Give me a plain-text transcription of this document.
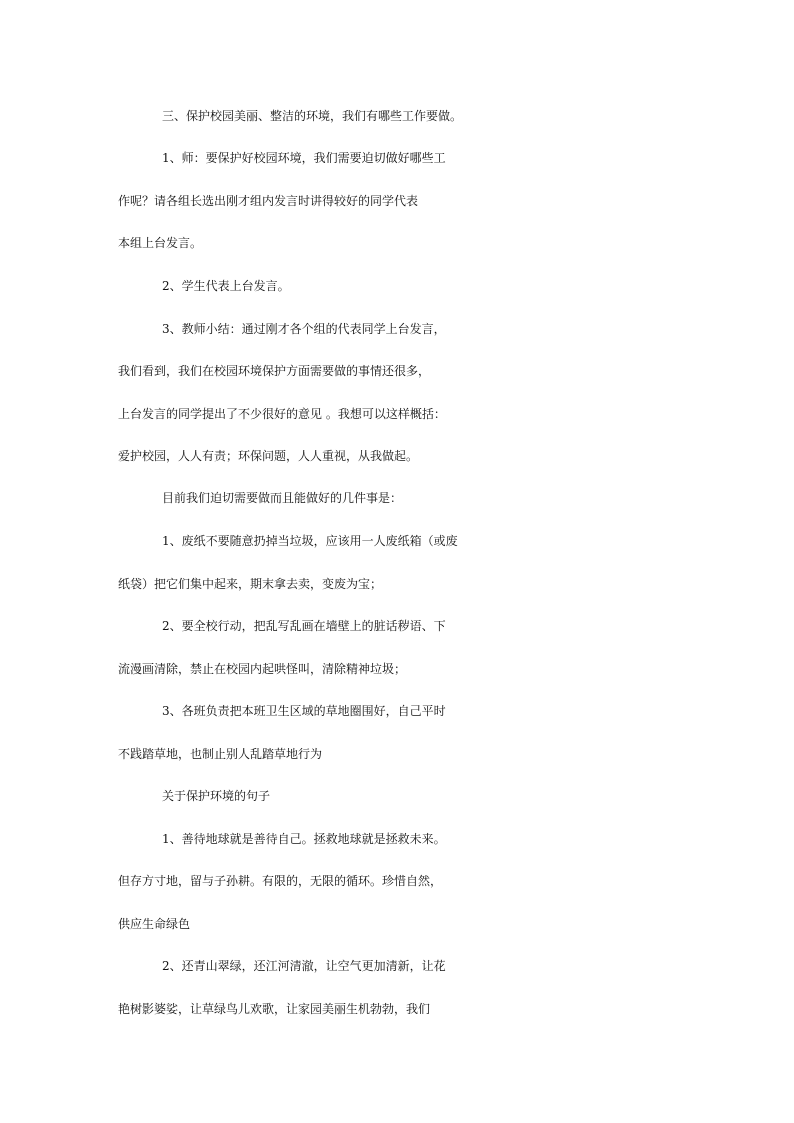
三、保护校园美丽、整洁的环境，我们有哪些工作要做。
1、师：要保护好校园环境，我们需要迫切做好哪些工
作呢？请各组长选出刚才组内发言时讲得较好的同学代表
本组上台发言。
2、学生代表上台发言。
3、教师小结：通过刚才各个组的代表同学上台发言，
我们看到，我们在校园环境保护方面需要做的事情还很多，
上台发言的同学提出了不少很好的意见 。我想可以这样概括：
爱护校园，人人有责；环保问题，人人重视，从我做起。
目前我们迫切需要做而且能做好的几件事是：
1、废纸不要随意扔掉当垃圾，应该用一人废纸箱（或废
纸袋）把它们集中起来，期末拿去卖，变废为宝；
2、要全校行动，把乱写乱画在墙壁上的脏话秽语、下
流漫画清除，禁止在校园内起哄怪叫，清除精神垃圾；
3、各班负责把本班卫生区域的草地圈围好，自己平时
不践踏草地，也制止别人乱踏草地行为
关于保护环境的句子
1、善待地球就是善待自己。拯救地球就是拯救未来。
但存方寸地，留与子孙耕。有限的，无限的循环。珍惜自然，
供应生命绿色
2、还青山翠绿，还江河清澈，让空气更加清新，让花
艳树影婆娑，让草绿鸟儿欢歌，让家园美丽生机勃勃，我们
